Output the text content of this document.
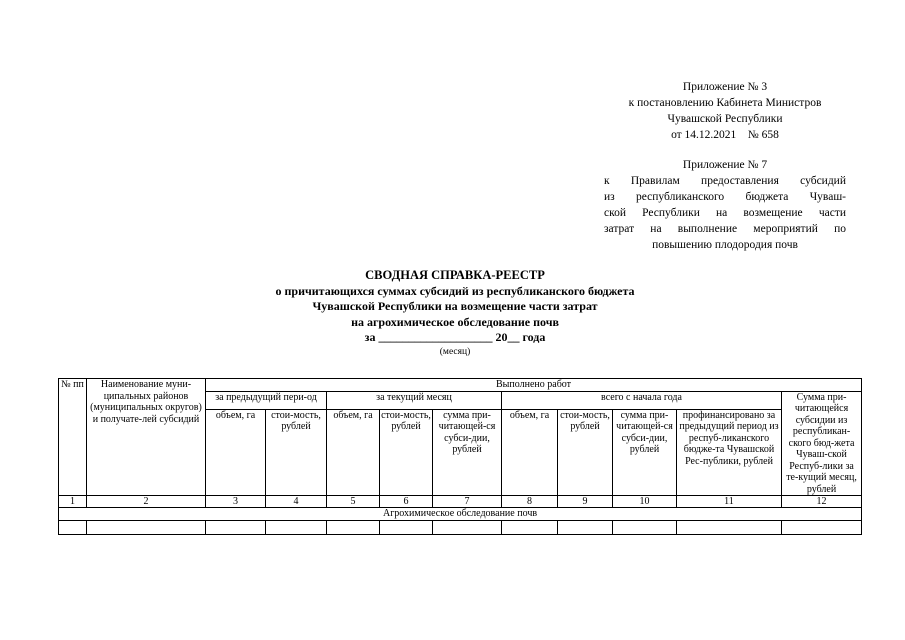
Приложение № 3
к постановлению Кабинета Министров
Чувашской Республики
от 14.12.2021    № 658
Приложение № 7
к Правилам предоставления субсидий
из республиканского бюджета Чуваш-
ской Республики на возмещение части
затрат на выполнение мероприятий по
повышению плодородия почв
СВОДНАЯ СПРАВКА-РЕЕСТР
о причитающихся суммах субсидий из республиканского бюджета
Чувашской Республики на возмещение части затрат
на агрохимическое обследование почв
за ___________________ 20__ года
(месяц)
№ пп	Наименование муни-ципальных районов (муниципальных округов) и получате-лей субсидий	Выполнено работ									
		за предыдущий пери-од		за текущий месяц			всего с начала года				Сумма при-читающейся субсидии из республикан-ского бюд-жета Чуваш-ской Респуб-лики за те-кущий месяц, рублей
		объем, га	стои-мость, рублей	объем, га	стои-мость, рублей	сумма при-читающей-ся субси-дии, рублей	объем, га	стои-мость, рублей	сумма при-читающей-ся субси-дии, рублей	профинансировано за предыдущий период из респуб-ликанского бюдже-та Чувашской Рес-публики, рублей	
1	2	3	4	5	6	7	8	9	10	11	12
Агрохимическое обследование почв											
